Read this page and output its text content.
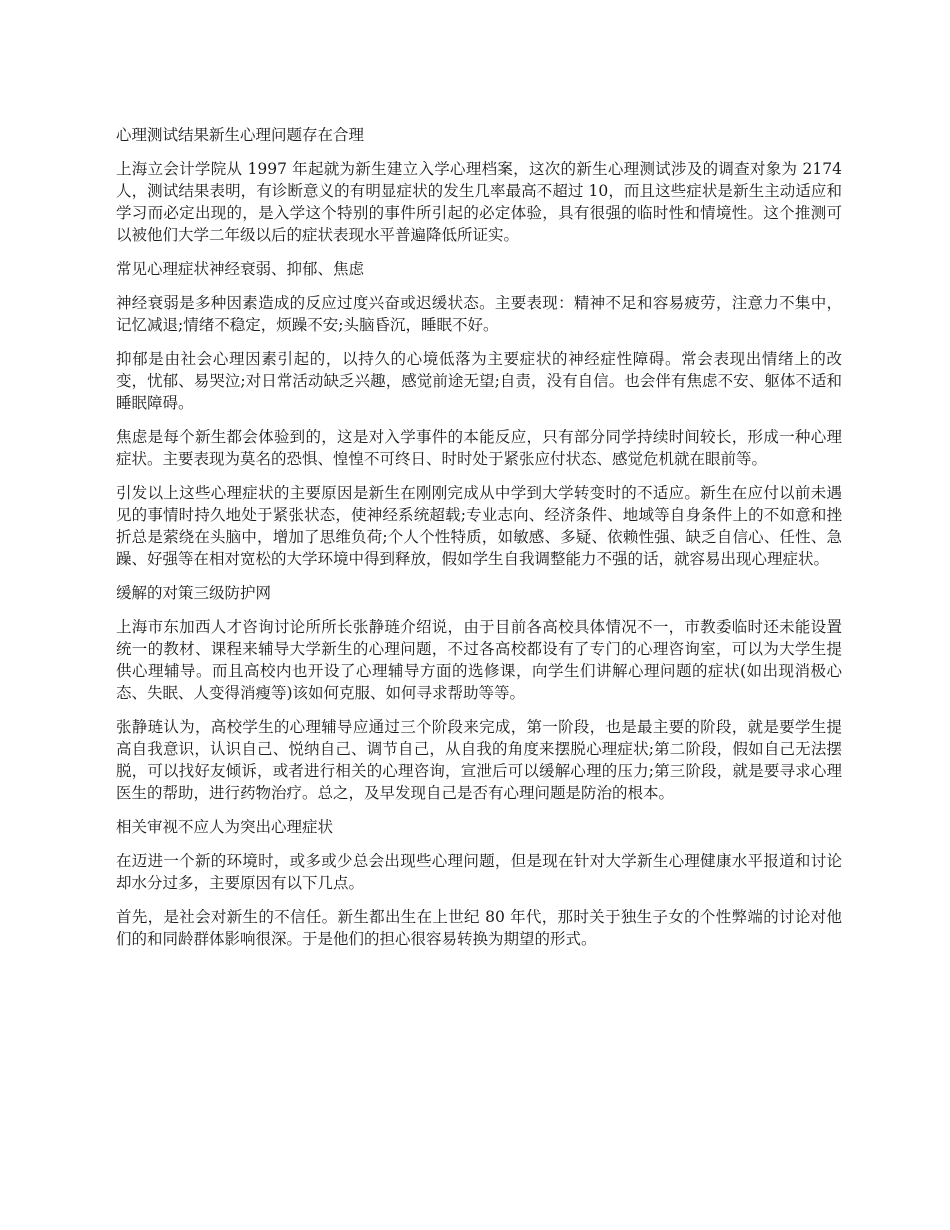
心理测试结果新生心理问题存在合理
上海立会计学院从 1997 年起就为新生建立入学心理档案，这次的新生心理测试涉及的调查对象为 2174 人，测试结果表明，有诊断意义的有明显症状的发生几率最高不超过 10，而且这些症状是新生主动适应和学习而必定出现的，是入学这个特别的事件所引起的必定体验，具有很强的临时性和情境性。这个推测可以被他们大学二年级以后的症状表现水平普遍降低所证实。
常见心理症状神经衰弱、抑郁、焦虑
神经衰弱是多种因素造成的反应过度兴奋或迟缓状态。主要表现：精神不足和容易疲劳，注意力不集中，记忆减退;情绪不稳定，烦躁不安;头脑昏沉，睡眠不好。
抑郁是由社会心理因素引起的，以持久的心境低落为主要症状的神经症性障碍。常会表现出情绪上的改变，忧郁、易哭泣;对日常活动缺乏兴趣，感觉前途无望;自责，没有自信。也会伴有焦虑不安、躯体不适和睡眠障碍。
焦虑是每个新生都会体验到的，这是对入学事件的本能反应，只有部分同学持续时间较长，形成一种心理症状。主要表现为莫名的恐惧、惶惶不可终日、时时处于紧张应付状态、感觉危机就在眼前等。
引发以上这些心理症状的主要原因是新生在刚刚完成从中学到大学转变时的不适应。新生在应付以前未遇见的事情时持久地处于紧张状态，使神经系统超载;专业志向、经济条件、地域等自身条件上的不如意和挫折总是萦绕在头脑中，增加了思维负荷;个人个性特质，如敏感、多疑、依赖性强、缺乏自信心、任性、急躁、好强等在相对宽松的大学环境中得到释放，假如学生自我调整能力不强的话，就容易出现心理症状。
缓解的对策三级防护网
上海市东加西人才咨询讨论所所长张静琏介绍说，由于目前各高校具体情况不一，市教委临时还未能设置统一的教材、课程来辅导大学新生的心理问题，不过各高校都设有了专门的心理咨询室，可以为大学生提供心理辅导。而且高校内也开设了心理辅导方面的选修课，向学生们讲解心理问题的症状(如出现消极心态、失眠、人变得消瘦等)该如何克服、如何寻求帮助等等。
张静琏认为，高校学生的心理辅导应通过三个阶段来完成，第一阶段，也是最主要的阶段，就是要学生提高自我意识，认识自己、悦纳自己、调节自己，从自我的角度来摆脱心理症状;第二阶段，假如自己无法摆脱，可以找好友倾诉，或者进行相关的心理咨询，宣泄后可以缓解心理的压力;第三阶段，就是要寻求心理医生的帮助，进行药物治疗。总之，及早发现自己是否有心理问题是防治的根本。
相关审视不应人为突出心理症状
在迈进一个新的环境时，或多或少总会出现些心理问题，但是现在针对大学新生心理健康水平报道和讨论却水分过多，主要原因有以下几点。
首先，是社会对新生的不信任。新生都出生在上世纪 80 年代，那时关于独生子女的个性弊端的讨论对他们的和同龄群体影响很深。于是他们的担心很容易转换为期望的形式。
